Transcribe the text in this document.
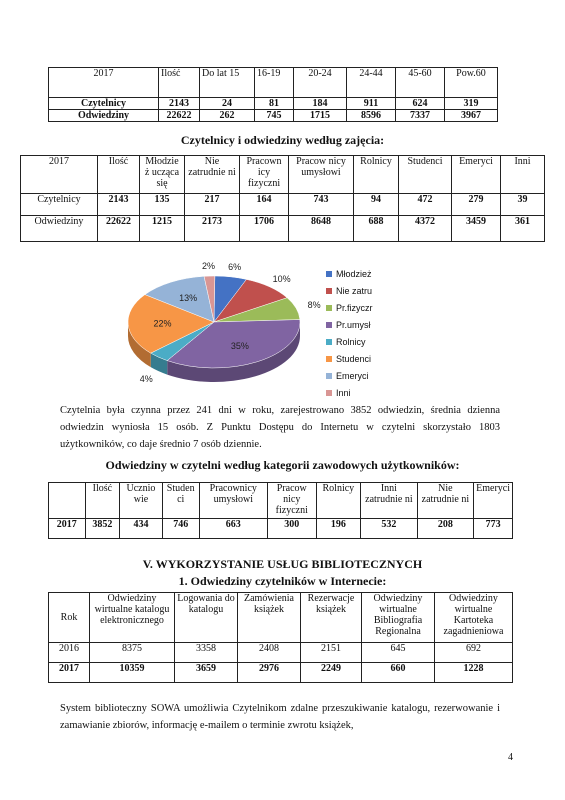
2017	Ilość	Do lat 15	16-19	20-24	24-44	45-60	Pow.60
Czytelnicy	2143	24	81	184	911	624	319
Odwiedziny	22622	262	745	1715	8596	7337	3967
Czytelnicy i odwiedziny według zajęcia:
2017	Ilość	Młodzie ż ucząca się	Nie zatrudnie ni	Pracown icy fizyczni	Pracow nicy umysłowi	Rolnicy	Studenci	Emeryci	Inni
Czytelnicy	2143	135	217	164	743	94	472	279	39
Odwiedziny	22622	1215	2173	1706	8648	688	4372	3459	361
6%
10%
8%
35%
4%
22%
13%
2%
Młodzież
Nie zatru
Pr.fizyczr
Pr.umysł
Rolnicy
Studenci
Emeryci
Inni
Czytelnia była czynna przez 241 dni w roku, zarejestrowano 3852 odwiedzin, średnia dzienna odwiedzin wyniosła 15 osób. Z Punktu Dostępu do Internetu w czytelni skorzystało 1803 użytkowników, co daje średnio 7 osób dziennie.
Odwiedziny w czytelni według kategorii zawodowych użytkowników:
	Ilość	Ucznio wie	Studen ci	Pracownicy umysłowi	Pracow nicy fizyczni	Rolnicy	Inni zatrudnie ni	Nie zatrudnie ni	Emeryci
2017	3852	434	746	663	300	196	532	208	773
V. WYKORZYSTANIE USŁUG BIBLIOTECZNYCH
1. Odwiedziny czytelników w Internecie:
Rok	Odwiedziny wirtualne katalogu elektronicznego	Logowania do katalogu	Zamówienia książek	Rezerwacje książek	Odwiedziny wirtualne Bibliografia Regionalna	Odwiedziny wirtualne Kartoteka zagadnieniowa
2016	8375	3358	2408	2151	645	692
2017	10359	3659	2976	2249	660	1228
System biblioteczny SOWA umożliwia Czytelnikom zdalne przeszukiwanie katalogu, rezerwowanie i zamawianie zbiorów, informację e-mailem o terminie zwrotu książek,
4
